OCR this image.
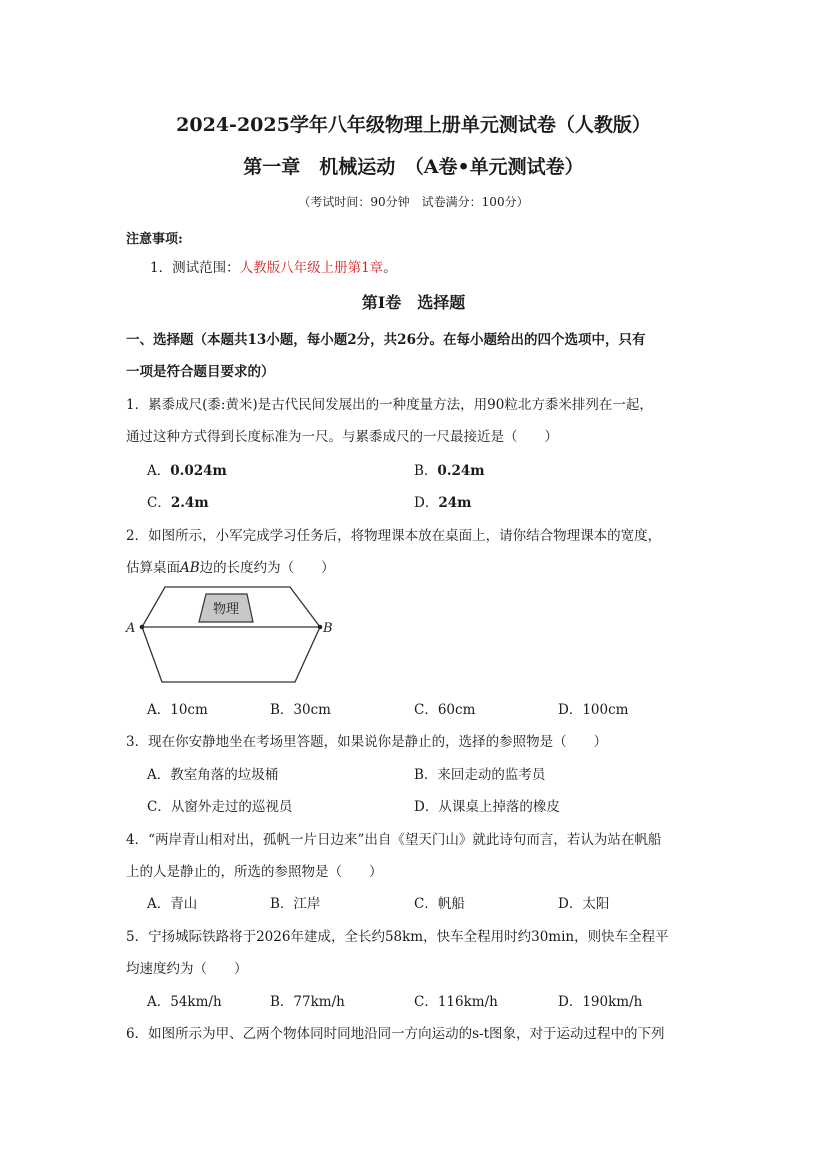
2024-2025学年八年级物理上册单元测试卷（人教版）
第一章　机械运动　（A卷•单元测试卷）
（考试时间：90分钟　试卷满分：100分）
注意事项:
1．测试范围：人教版八年级上册第1章。
第Ⅰ卷　选择题
一、选择题（本题共13小题，每小题2分，共26分。在每小题给出的四个选项中，只有
一项是符合题目要求的）
1．累黍成尺(黍:黄米)是古代民间发展出的一种度量方法，用90粒北方黍米排列在一起，
通过这种方式得到长度标准为一尺。与累黍成尺的一尺最接近是（　　）
A．0.024m	B．0.24m
C．2.4m	D．24m
2．如图所示，小军完成学习任务后，将物理课本放在桌面上，请你结合物理课本的宽度，
估算桌面AB边的长度约为（　　）
物理
A	B
A．10cm	B．30cm	C．60cm	D．100cm
3．现在你安静地坐在考场里答题，如果说你是静止的，选择的参照物是（　　）
A．教室角落的垃圾桶	B．来回走动的监考员
C．从窗外走过的巡视员	D．从课桌上掉落的橡皮
4．“两岸青山相对出，孤帆一片日边来”出自《望天门山》就此诗句而言，若认为站在帆船
上的人是静止的，所选的参照物是（　　）
A．青山	B．江岸	C．帆船	D．太阳
5．宁扬城际铁路将于2026年建成，全长约58km，快车全程用时约30min，则快车全程平
均速度约为（　　）
A．54km/h	B．77km/h	C．116km/h	D．190km/h
6．如图所示为甲、乙两个物体同时同地沿同一方向运动的s-t图象，对于运动过程中的下列
